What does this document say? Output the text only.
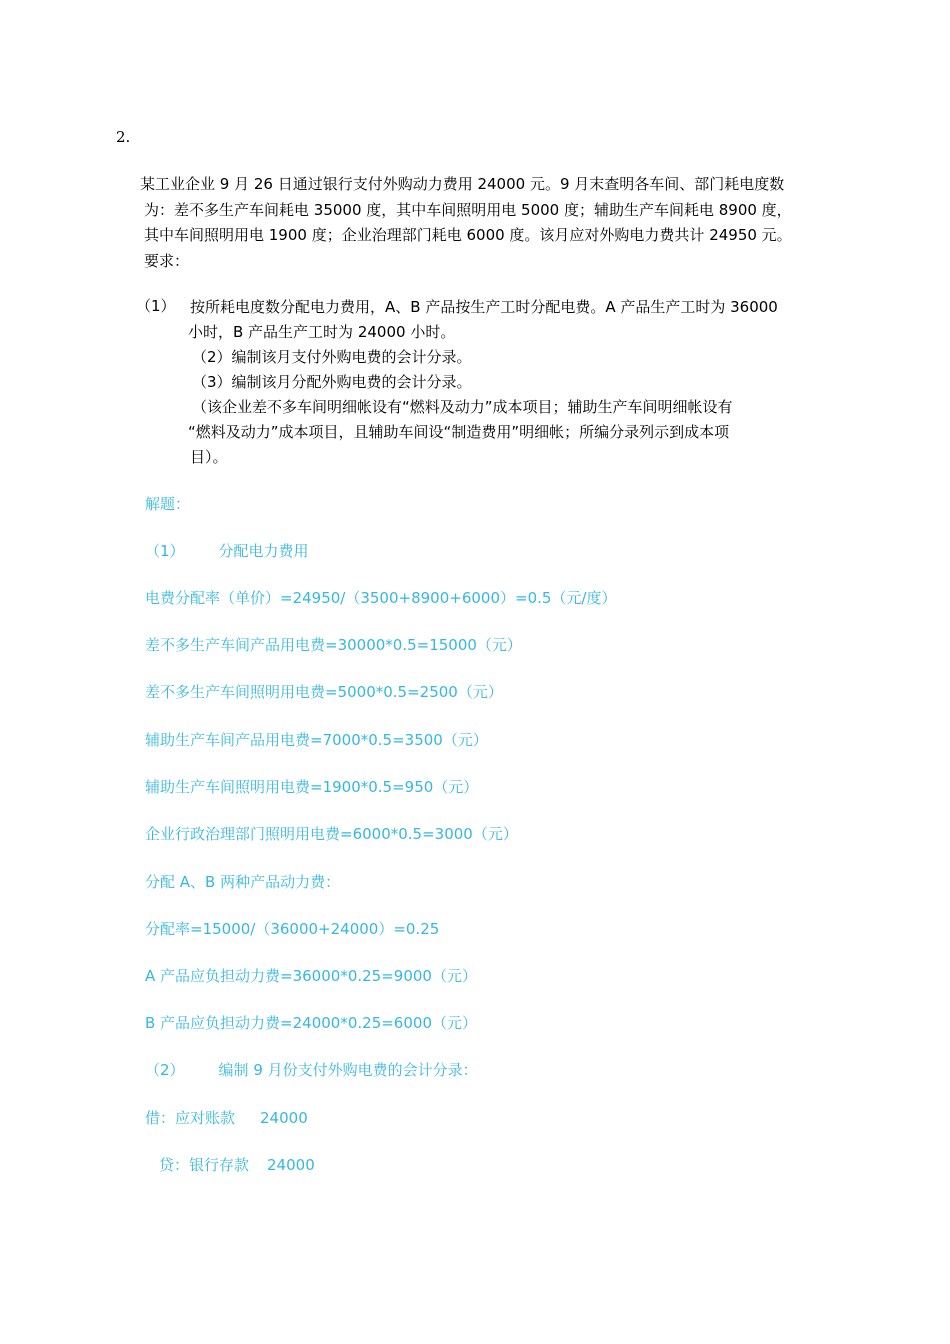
2.
某工业企业 9 月 26 日通过银行支付外购动力费用 24000 元。9 月末查明各车间、部门耗电度数
为：差不多生产车间耗电 35000 度，其中车间照明用电 5000 度；辅助生产车间耗电 8900 度，
其中车间照明用电 1900 度；企业治理部门耗电 6000 度。该月应对外购电力费共计 24950 元。
要求：
（1） 按所耗电度数分配电力费用，A、B 产品按生产工时分配电费。A 产品生产工时为 36000
小时，B 产品生产工时为 24000 小时。
（2）编制该月支付外购电费的会计分录。
（3）编制该月分配外购电费的会计分录。
（该企业差不多车间明细帐设有“燃料及动力”成本项目；辅助生产车间明细帐设有
“燃料及动力”成本项目，且辅助车间设“制造费用”明细帐；所编分录列示到成本项
目）。
解题：
（1） 分配电力费用
电费分配率（单价）=24950/（3500+8900+6000）=0.5（元/度）
差不多生产车间产品用电费=30000*0.5=15000（元）
差不多生产车间照明用电费=5000*0.5=2500（元）
辅助生产车间产品用电费=7000*0.5=3500（元）
辅助生产车间照明用电费=1900*0.5=950（元）
企业行政治理部门照明用电费=6000*0.5=3000（元）
分配 A、B 两种产品动力费：
分配率=15000/（36000+24000）=0.25
A 产品应负担动力费=36000*0.25=9000（元）
B 产品应负担动力费=24000*0.25=6000（元）
（2） 编制 9 月份支付外购电费的会计分录：
借：应对账款 24000
贷：银行存款 24000
